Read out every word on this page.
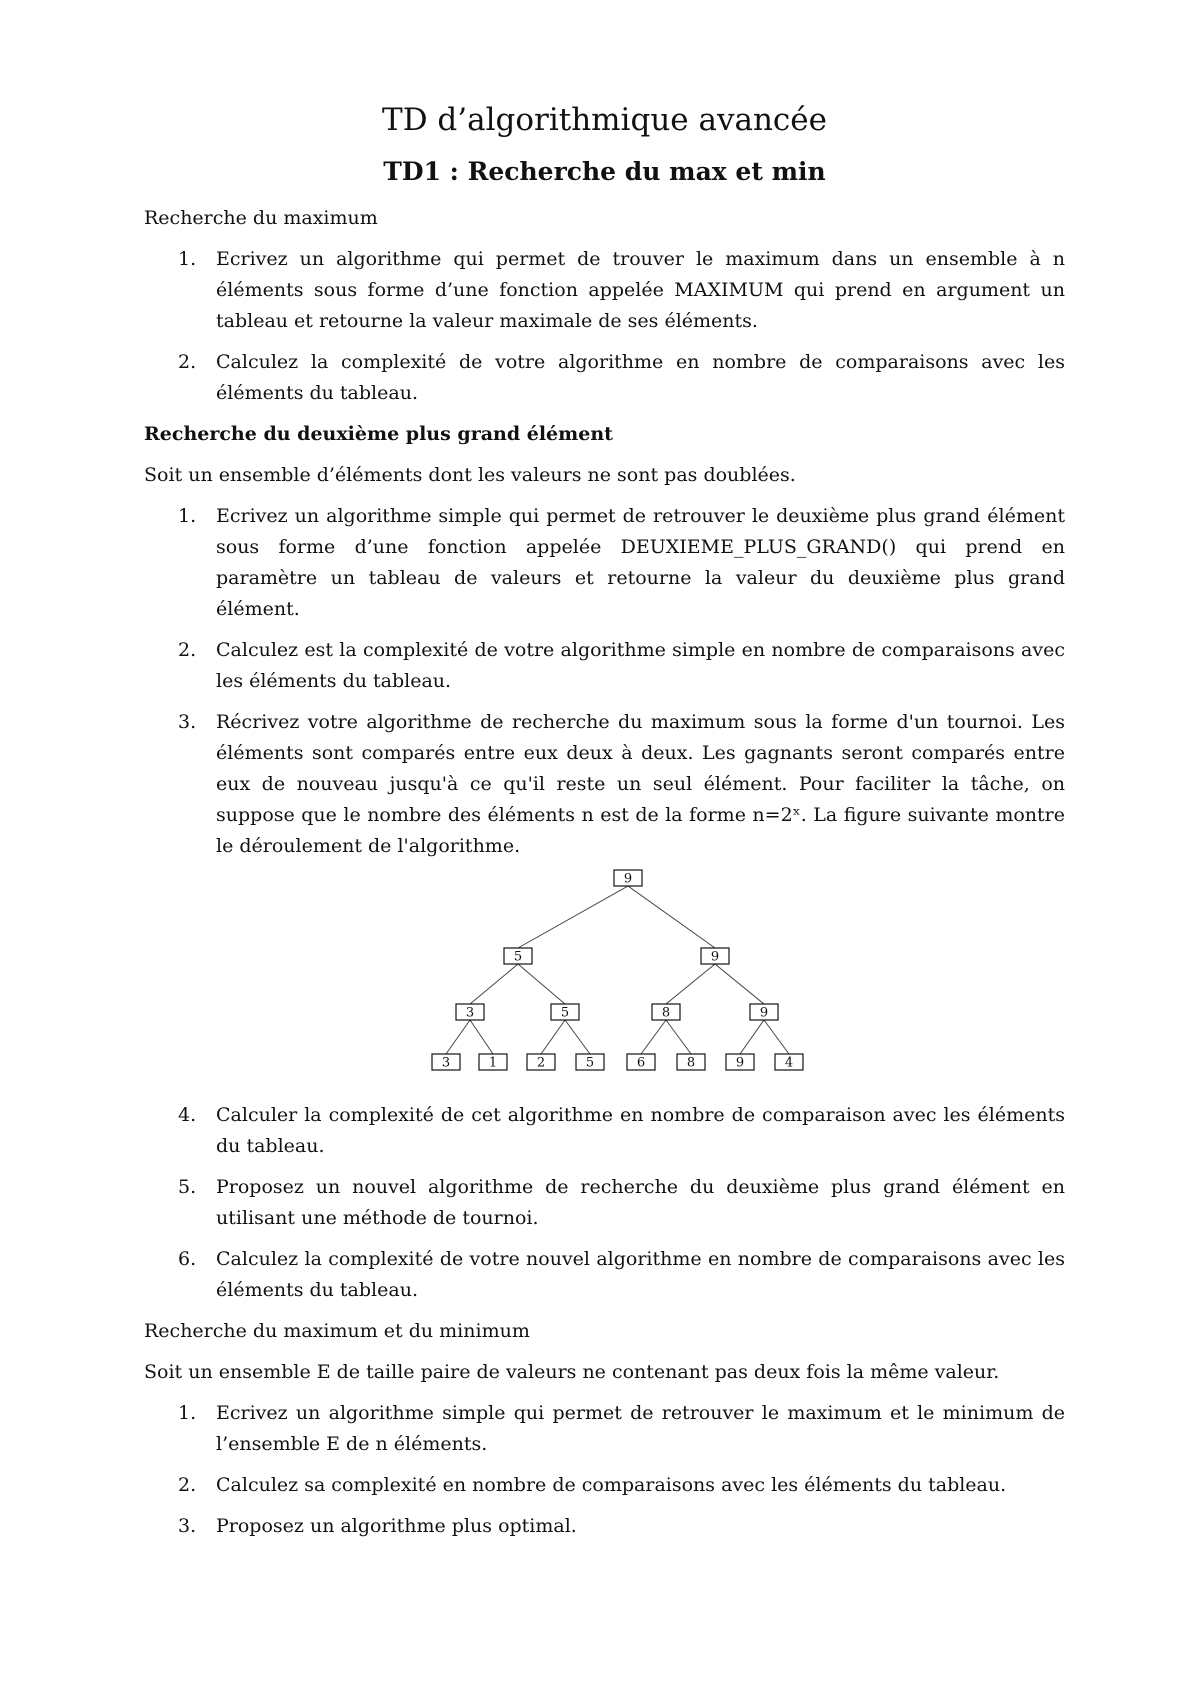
TD d’algorithmique avancée
TD1 : Recherche du max et min
Recherche du maximum
1. Ecrivez un algorithme qui permet de trouver le maximum dans un ensemble à n éléments sous forme d’une fonction appelée MAXIMUM qui prend en argument un tableau et retourne la valeur maximale de ses éléments.
2. Calculez la complexité de votre algorithme en nombre de comparaisons avec les éléments du tableau.
Recherche du deuxième plus grand élément
Soit un ensemble d’éléments dont les valeurs ne sont pas doublées.
1. Ecrivez un algorithme simple qui permet de retrouver le deuxième plus grand élément sous forme d’une fonction appelée DEUXIEME_PLUS_GRAND() qui prend en paramètre un tableau de valeurs et retourne la valeur du deuxième plus grand élément.
2. Calculez est la complexité de votre algorithme simple en nombre de comparaisons avec les éléments du tableau.
3. Récrivez votre algorithme de recherche du maximum sous la forme d'un tournoi. Les éléments sont comparés entre eux deux à deux. Les gagnants seront comparés entre eux de nouveau jusqu'à ce qu'il reste un seul élément. Pour faciliter la tâche, on suppose que le nombre des éléments n est de la forme n=2ˣ. La figure suivante montre le déroulement de l'algorithme.
9
5	9
3	5	8	9
3	1	2	5	6	8	9	4
4. Calculer la complexité de cet algorithme en nombre de comparaison avec les éléments du tableau.
5. Proposez un nouvel algorithme de recherche du deuxième plus grand élément en utilisant une méthode de tournoi.
6. Calculez la complexité de votre nouvel algorithme en nombre de comparaisons avec les éléments du tableau.
Recherche du maximum et du minimum
Soit un ensemble E de taille paire de valeurs ne contenant pas deux fois la même valeur.
1. Ecrivez un algorithme simple qui permet de retrouver le maximum et le minimum de l’ensemble E de n éléments.
2. Calculez sa complexité en nombre de comparaisons avec les éléments du tableau.
3. Proposez un algorithme plus optimal.
